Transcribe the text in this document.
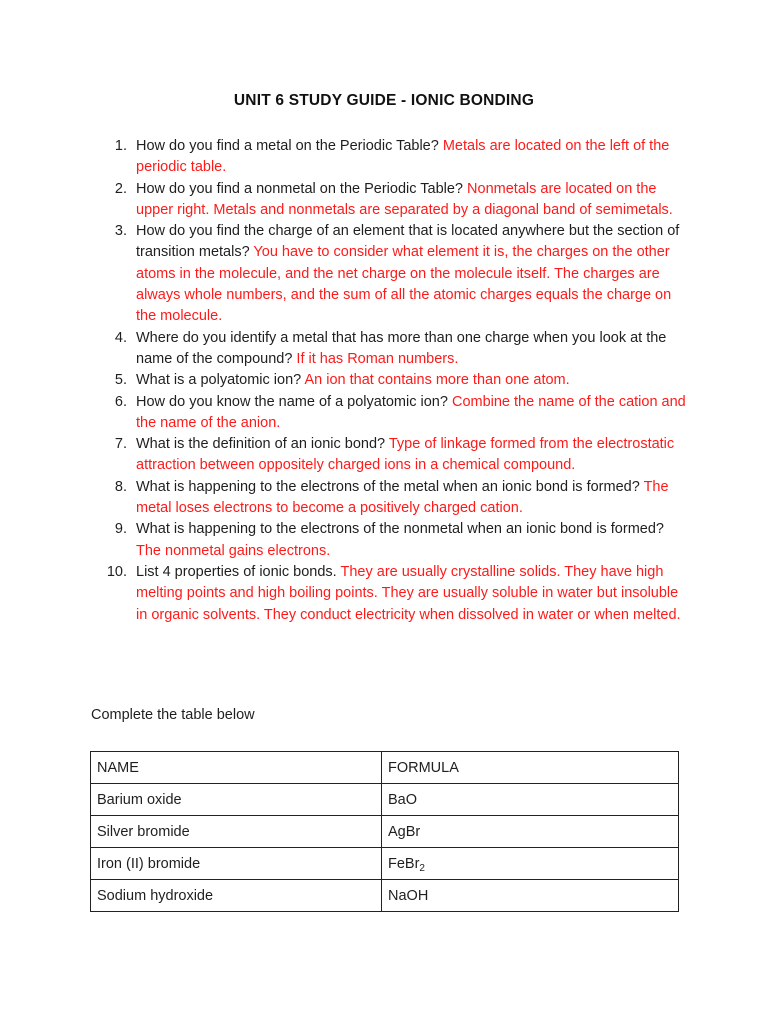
UNIT 6 STUDY GUIDE - IONIC BONDING
1. How do you find a metal on the Periodic Table? Metals are located on the left of the periodic table.
2. How do you find a nonmetal on the Periodic Table? Nonmetals are located on the upper right. Metals and nonmetals are separated by a diagonal band of semimetals.
3. How do you find the charge of an element that is located anywhere but the section of transition metals? You have to consider what element it is, the charges on the other atoms in the molecule, and the net charge on the molecule itself. The charges are always whole numbers, and the sum of all the atomic charges equals the charge on the molecule.
4. Where do you identify a metal that has more than one charge when you look at the name of the compound? If it has Roman numbers.
5. What is a polyatomic ion? An ion that contains more than one atom.
6. How do you know the name of a polyatomic ion? Combine the name of the cation and the name of the anion.
7. What is the definition of an ionic bond? Type of linkage formed from the electrostatic attraction between oppositely charged ions in a chemical compound.
8. What is happening to the electrons of the metal when an ionic bond is formed? The metal loses electrons to become a positively charged cation.
9. What is happening to the electrons of the nonmetal when an ionic bond is formed? The nonmetal gains electrons.
10. List 4 properties of ionic bonds. They are usually crystalline solids. They have high melting points and high boiling points. They are usually soluble in water but insoluble in organic solvents. They conduct electricity when dissolved in water or when melted.
Complete the table below
NAME	FORMULA
Barium oxide	BaO
Silver bromide	AgBr
Iron (II) bromide	FeBr$_2$
Sodium hydroxide	NaOH
